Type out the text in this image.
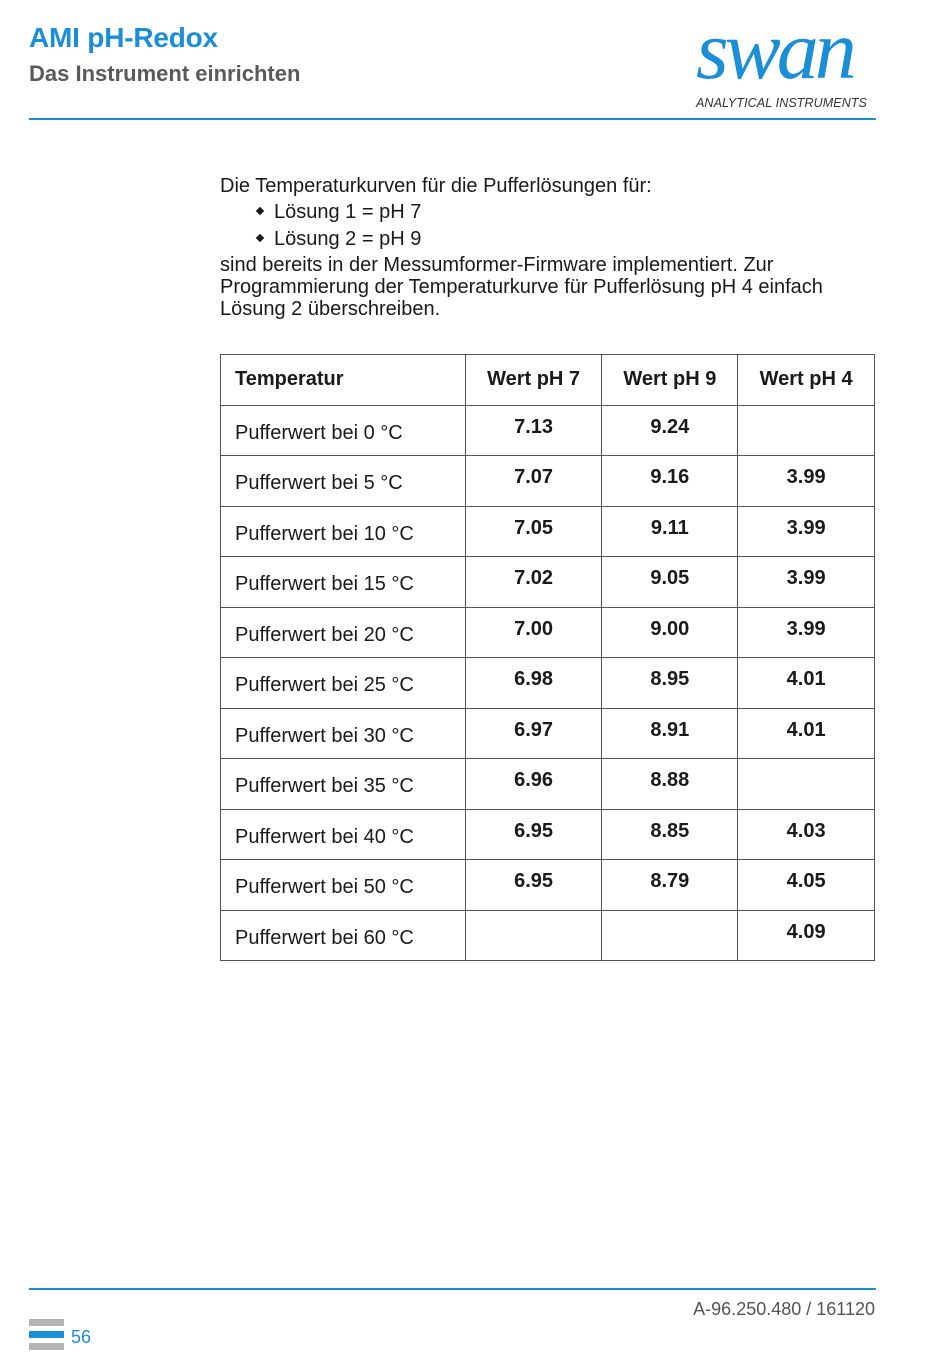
AMI pH-Redox
Das Instrument einrichten	swan
ANALYTICAL INSTRUMENTS

Die Temperaturkurven für die Pufferlösungen für:

Lösung 1 = pH 7
Lösung 2 = pH 9

sind bereits in der Messumformer-Firmware implementiert. Zur Programmierung der Temperaturkurve für Pufferlösung pH 4 einfach Lösung 2 überschreiben.

Temperatur	Wert pH 7	Wert pH 9	Wert pH 4
Pufferwert bei 0 °C	7.13	9.24	
Pufferwert bei 5 °C	7.07	9.16	3.99
Pufferwert bei 10 °C	7.05	9.11	3.99
Pufferwert bei 15 °C	7.02	9.05	3.99
Pufferwert bei 20 °C	7.00	9.00	3.99
Pufferwert bei 25 °C	6.98	8.95	4.01
Pufferwert bei 30 °C	6.97	8.91	4.01
Pufferwert bei 35 °C	6.96	8.88	
Pufferwert bei 40 °C	6.95	8.85	4.03
Pufferwert bei 50 °C	6.95	8.79	4.05
Pufferwert bei 60 °C			4.09
A-96.250.480 / 161120
56
